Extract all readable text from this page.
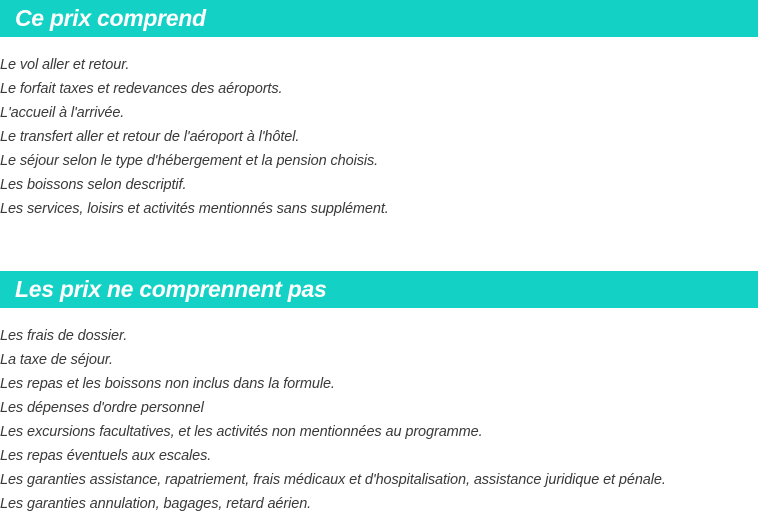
Ce prix comprend
Le vol aller et retour.
Le forfait taxes et redevances des aéroports.
L'accueil à l'arrivée.
Le transfert aller et retour de l'aéroport à l'hôtel.
Le séjour selon le type d'hébergement et la pension choisis.
Les boissons selon descriptif.
Les services, loisirs et activités mentionnés sans supplément.
Les prix ne comprennent pas
Les frais de dossier.
La taxe de séjour.
Les repas et les boissons non inclus dans la formule.
Les dépenses d'ordre personnel
Les excursions facultatives, et les activités non mentionnées au programme.
Les repas éventuels aux escales.
Les garanties assistance, rapatriement, frais médicaux et d'hospitalisation, assistance juridique et pénale.
Les garanties annulation, bagages, retard aérien.
